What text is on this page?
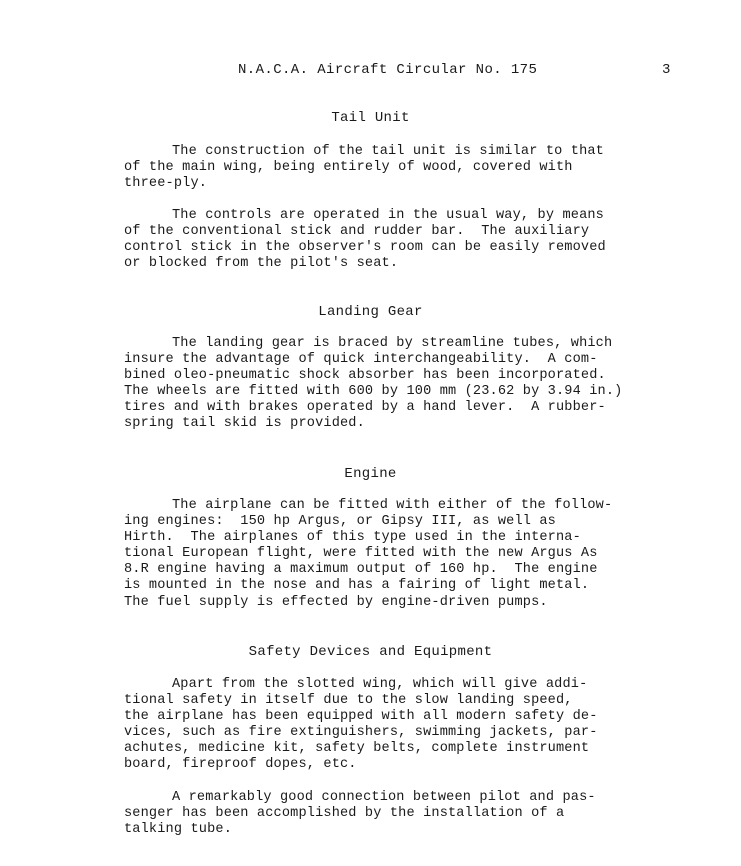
N.A.C.A. Aircraft Circular No. 175	3
Tail Unit

The construction of the tail unit is similar to that
of the main wing, being entirely of wood, covered with
three-ply.

The controls are operated in the usual way, by means
of the conventional stick and rudder bar.  The auxiliary
control stick in the observer's room can be easily removed
or blocked from the pilot's seat.

Landing Gear

The landing gear is braced by streamline tubes, which
insure the advantage of quick interchangeability.  A com-
bined oleo-pneumatic shock absorber has been incorporated.
The wheels are fitted with 600 by 100 mm (23.62 by 3.94 in.)
tires and with brakes operated by a hand lever.  A rubber-
spring tail skid is provided.

Engine

The airplane can be fitted with either of the follow-
ing engines:  150 hp Argus, or Gipsy III, as well as
Hirth.  The airplanes of this type used in the interna-
tional European flight, were fitted with the new Argus As
8.R engine having a maximum output of 160 hp.  The engine
is mounted in the nose and has a fairing of light metal.
The fuel supply is effected by engine-driven pumps.

Safety Devices and Equipment

Apart from the slotted wing, which will give addi-
tional safety in itself due to the slow landing speed,
the airplane has been equipped with all modern safety de-
vices, such as fire extinguishers, swimming jackets, par-
achutes, medicine kit, safety belts, complete instrument
board, fireproof dopes, etc.

A remarkably good connection between pilot and pas-
senger has been accomplished by the installation of a
talking tube.
